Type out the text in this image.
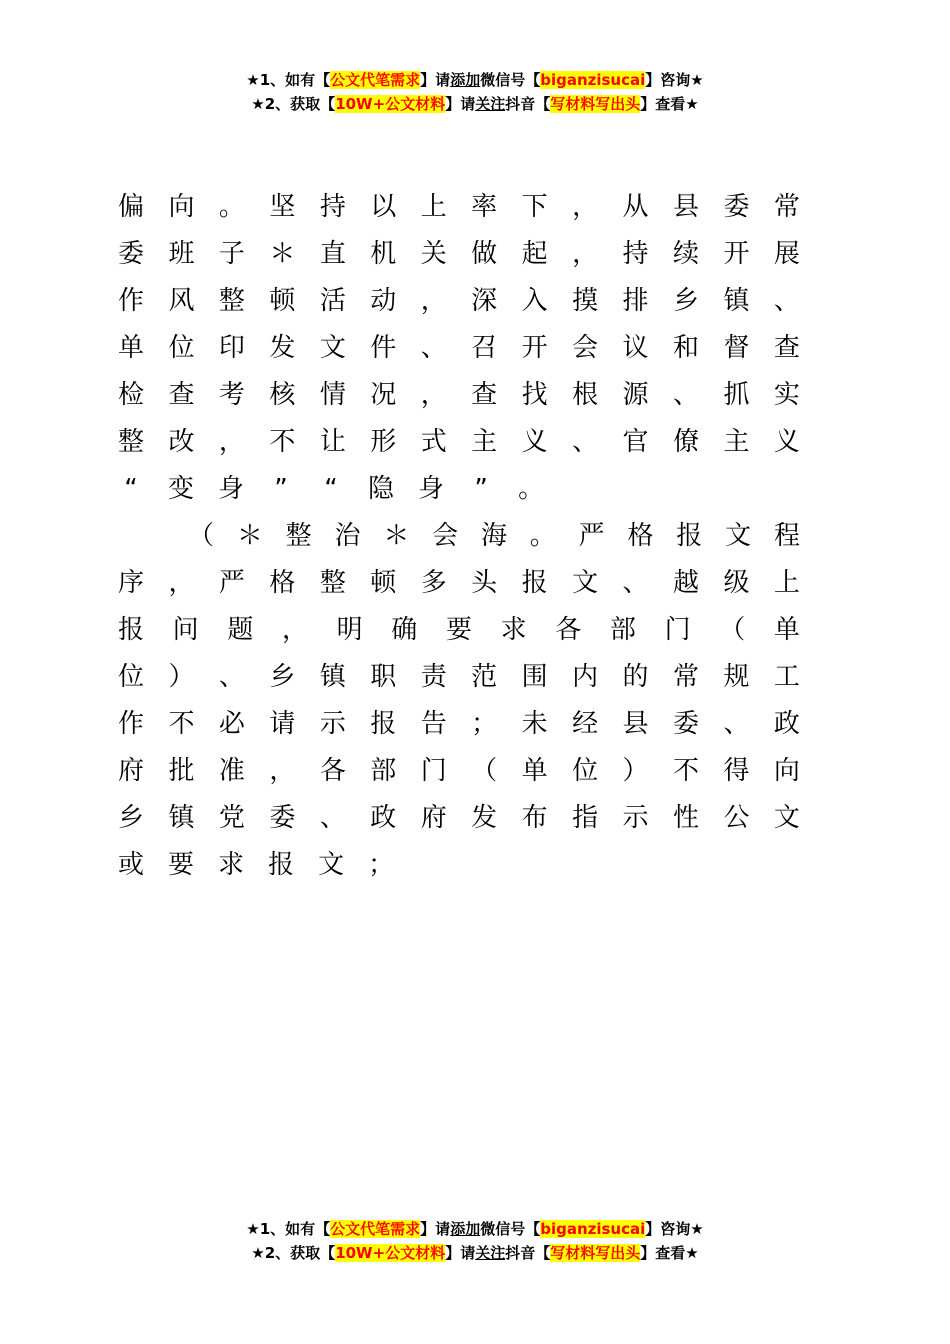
★1、如有【公文代笔需求】请添加微信号【biganzisucai】咨询★
★2、获取【10W+公文材料】请关注抖音【写材料写出头】查看★
偏 向 。 坚 持 以 上 率 下 ， 从 县 委 常
委 班 子 ＊ 直 机 关 做 起 ， 持 续 开 展
作 风 整 顿 活 动 ， 深 入 摸 排 乡 镇 、
单 位 印 发 文 件 、 召 开 会 议 和 督 查
检 查 考 核 情 况 ， 查 找 根 源 、 抓 实
整 改 ， 不 让 形 式 主 义 、 官 僚 主 义
“ 变 身 ” “ 隐 身 ” 。
（ ＊ 整 治 ＊ 会 海 。 严 格 报 文 程
序 ， 严 格 整 顿 多 头 报 文 、 越 级 上
报 问 题 ， 明 确 要 求 各 部 门 （ 单
位 ） 、 乡 镇 职 责 范 围 内 的 常 规 工
作 不 必 请 示 报 告 ； 未 经 县 委 、 政
府 批 准 ， 各 部 门 （ 单 位 ） 不 得 向
乡 镇 党 委 、 政 府 发 布 指 示 性 公 文
或 要 求 报 文 ；
★1、如有【公文代笔需求】请添加微信号【biganzisucai】咨询★
★2、获取【10W+公文材料】请关注抖音【写材料写出头】查看★
